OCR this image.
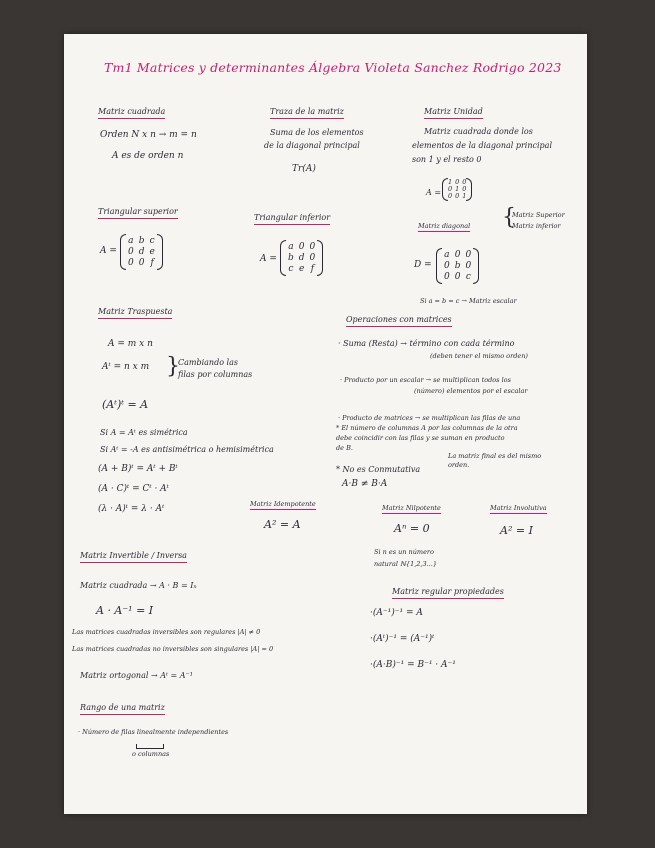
Tm1 Matrices y determinantes Álgebra Violeta Sanchez Rodrigo 2023
Matriz cuadrada
Orden N x n → m = n
A es de orden n
Traza de la matriz
Suma de los elementos
de la diagonal principal
Tr(A)
Matriz Unidad
Matriz cuadrada donde los
elementos de la diagonal principal
son 1 y el resto 0
A =
1 0 0
0 1 0
0 0 1
Triangular superior
A =
a b c
0 d e
0 0 f
Triangular inferior
A =
a 0 0
b d 0
c e f
Matriz diagonal {
Matriz Superior
Matriz inferior
D =
a 0 0
0 b 0
0 0 c
Si a = b = c → Matriz escalar
Matriz Traspuesta
A = m x n
Aᵗ = n x m }
Cambiando las
filas por columnas
(Aᵗ)ᵗ = A
Si A = Aᵗ es simétrica
Si Aᵗ = -A es antisimétrica o hemisimétrica
(A + B)ᵗ = Aᵗ + Bᵗ
(A · C)ᵗ = Cᵗ · Aᵗ
(λ · A)ᵗ = λ · Aᵗ
Operaciones con matrices
· Suma (Resta) → término con cada término
(deben tener el mismo orden)
· Producto por un escalar → se multiplican todos los
(número) elementos por el escalar
· Producto de matrices → se multiplican las filas de una
* El número de columnas A por las columnas de la otra
debe coincidir con las filas y se suman en producto
de B.
La matriz final es del mismo
orden.
* No es Conmutativa
A·B ≠ B·A
Matriz Idempotente
A² = A
Matriz Nilpotente
Aⁿ = 0
Si n es un número
natural ℕ{1,2,3...}
Matriz Involutiva
A² = I
Matriz Invertible / Inversa
Matriz cuadrada → A · B = Iₙ
A · A⁻¹ = I
Las matrices cuadradas inversibles son regulares |A| ≠ 0
Las matrices cuadradas no inversibles son singulares |A| = 0
Matriz ortogonal → Aᵗ = A⁻¹
Matriz regular propiedades
·(A⁻¹)⁻¹ = A
·(Aᵗ)⁻¹ = (A⁻¹)ᵗ
·(A·B)⁻¹ = B⁻¹ · A⁻¹
Rango de una matriz
· Número de filas linealmente independientes
o columnas
